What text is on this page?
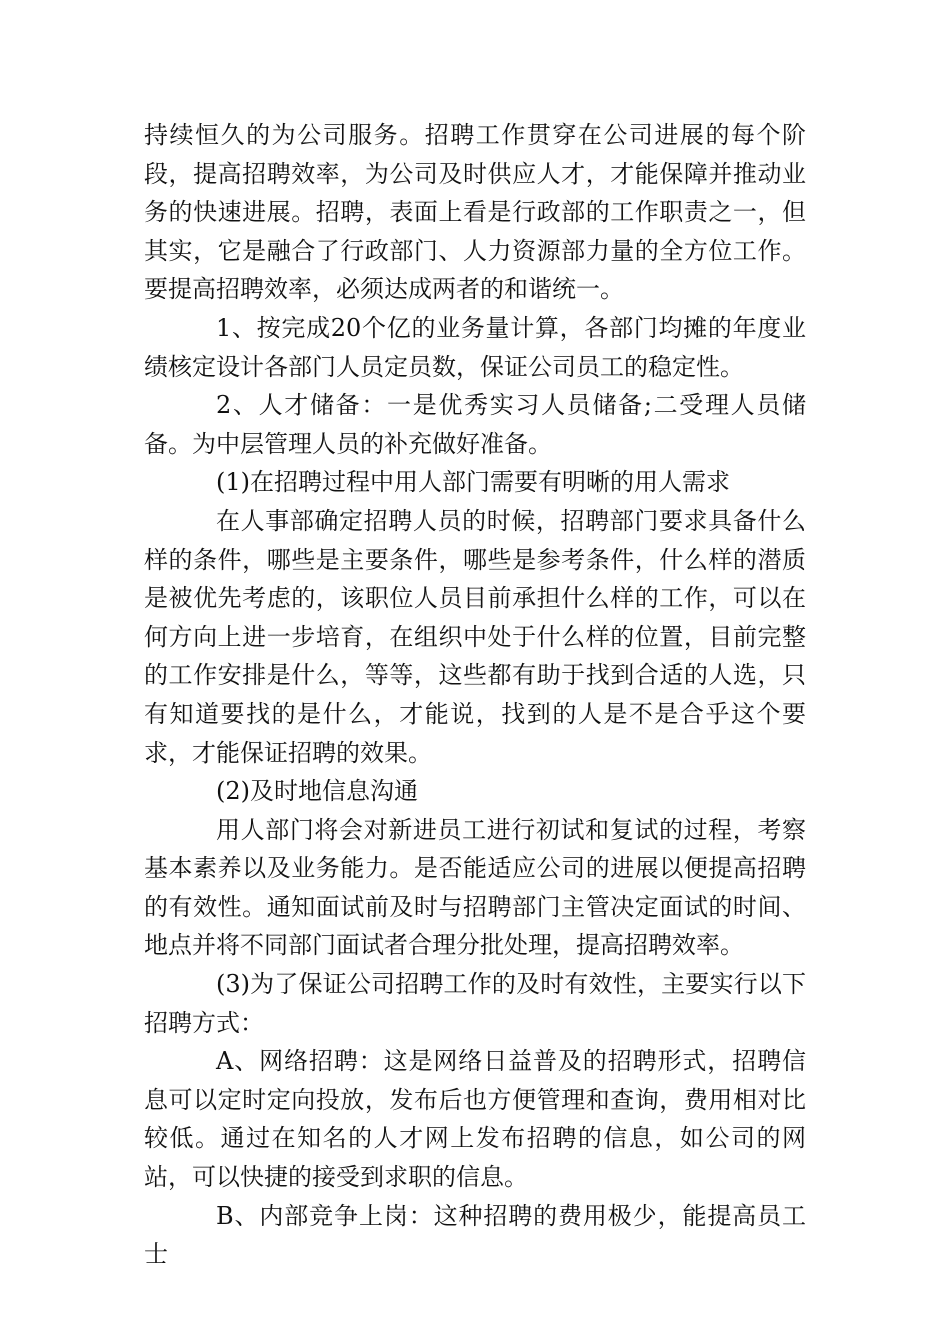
持续恒久的为公司服务。招聘工作贯穿在公司进展的每个阶段，提高招聘效率，为公司及时供应人才，才能保障并推动业务的快速进展。招聘，表面上看是行政部的工作职责之一，但其实，它是融合了行政部门、人力资源部力量的全方位工作。要提高招聘效率，必须达成两者的和谐统一。

1、按完成20个亿的业务量计算，各部门均摊的年度业绩核定设计各部门人员定员数，保证公司员工的稳定性。

2、人才储备：一是优秀实习人员储备;二受理人员储备。为中层管理人员的补充做好准备。

(1)在招聘过程中用人部门需要有明晰的用人需求

在人事部确定招聘人员的时候，招聘部门要求具备什么样的条件，哪些是主要条件，哪些是参考条件，什么样的潜质是被优先考虑的，该职位人员目前承担什么样的工作，可以在何方向上进一步培育，在组织中处于什么样的位置，目前完整的工作安排是什么，等等，这些都有助于找到合适的人选，只有知道要找的是什么，才能说，找到的人是不是合乎这个要求，才能保证招聘的效果。

(2)及时地信息沟通

用人部门将会对新进员工进行初试和复试的过程，考察基本素养以及业务能力。是否能适应公司的进展以便提高招聘的有效性。通知面试前及时与招聘部门主管决定面试的时间、地点并将不同部门面试者合理分批处理，提高招聘效率。

(3)为了保证公司招聘工作的及时有效性，主要实行以下招聘方式：

A、网络招聘：这是网络日益普及的招聘形式，招聘信息可以定时定向投放，发布后也方便管理和查询，费用相对比较低。通过在知名的人才网上发布招聘的信息，如公司的网站，可以快捷的接受到求职的信息。

B、内部竞争上岗：这种招聘的费用极少，能提高员工士
